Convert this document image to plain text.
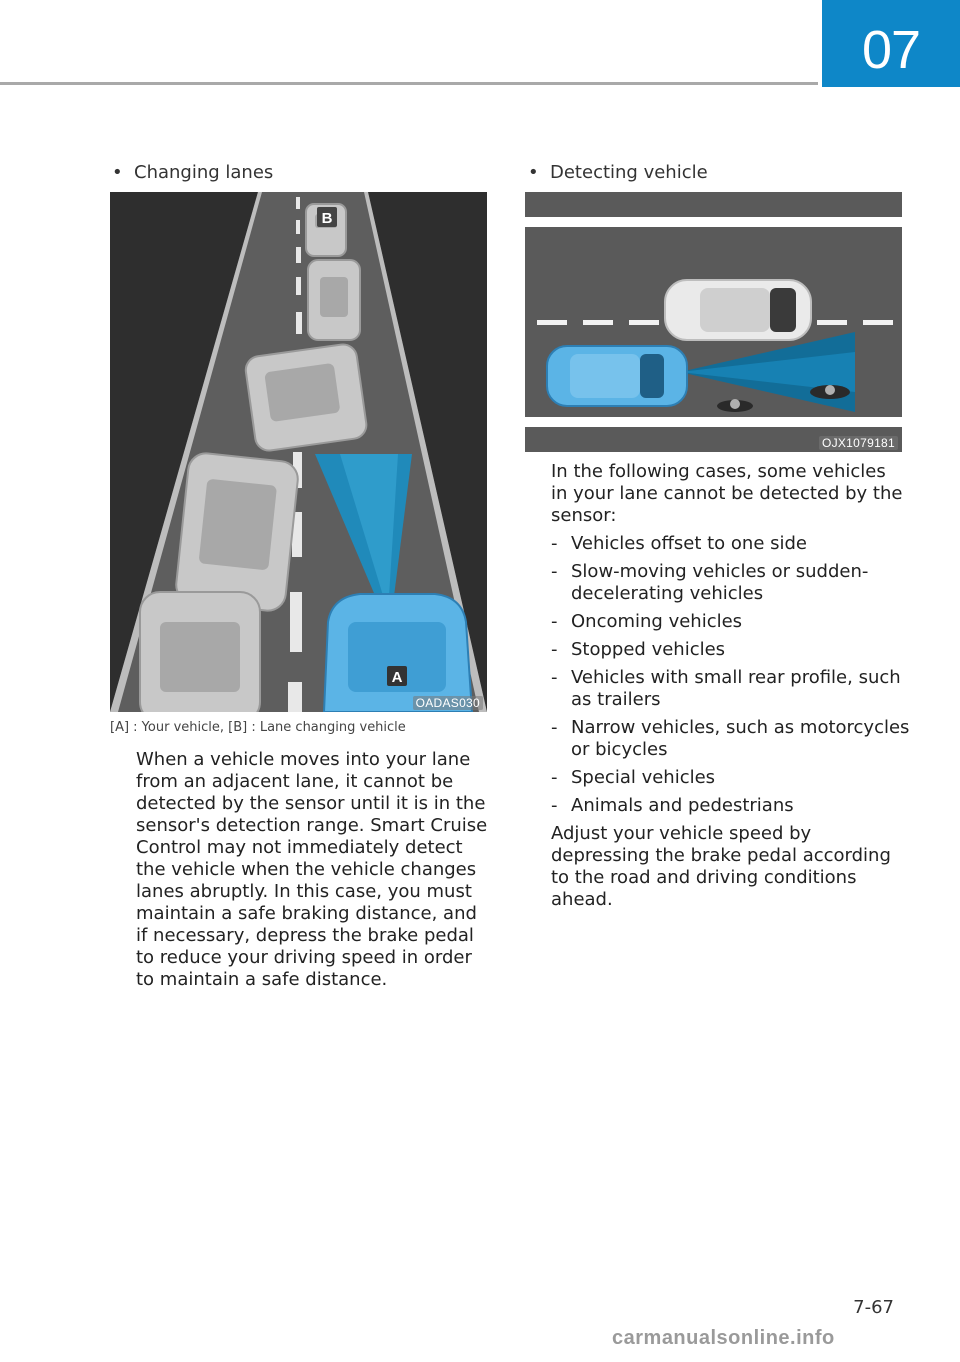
07
• Changing lanes
B
A
OADAS030
[A] : Your vehicle, [B] : Lane changing vehicle
When a vehicle moves into your lane from an adjacent lane, it cannot be detected by the sensor until it is in the sensor's detection range. Smart Cruise Control may not immediately detect the vehicle when the vehicle changes lanes abruptly. In this case, you must maintain a safe braking distance, and if necessary, depress the brake pedal to reduce your driving speed in order to maintain a safe distance.
• Detecting vehicle
OJX1079181
In the following cases, some vehicles in your lane cannot be detected by the sensor:
- Vehicles offset to one side
- Slow-moving vehicles or sudden-decelerating vehicles
- Oncoming vehicles
- Stopped vehicles
- Vehicles with small rear profile, such as trailers
- Narrow vehicles, such as motorcycles or bicycles
- Special vehicles
- Animals and pedestrians
Adjust your vehicle speed by depressing the brake pedal according to the road and driving conditions ahead.
7-67
carmanualsonline.info
